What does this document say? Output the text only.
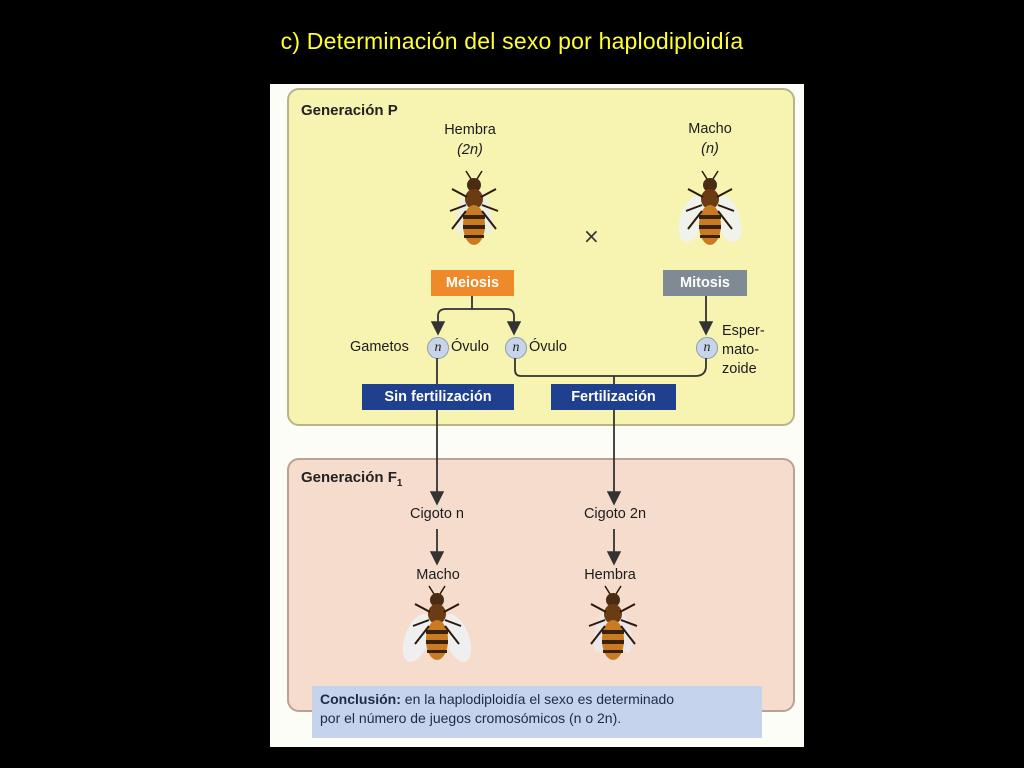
c) Determinación del sexo por haplodiploidía
Generación P
Hembra
(2n)
Macho
(n)
×
Meiosis	Mitosis
Gametos	n Óvulo	n Óvulo	n
Esper-
mato-
zoide
Sin fertilización	Fertilización
Generación $F_1$
Cigoto n	Cigoto 2n
Macho	Hembra
Conclusión: en la haplodiploidía el sexo es determinado
por el número de juegos cromosómicos (n o 2n).
